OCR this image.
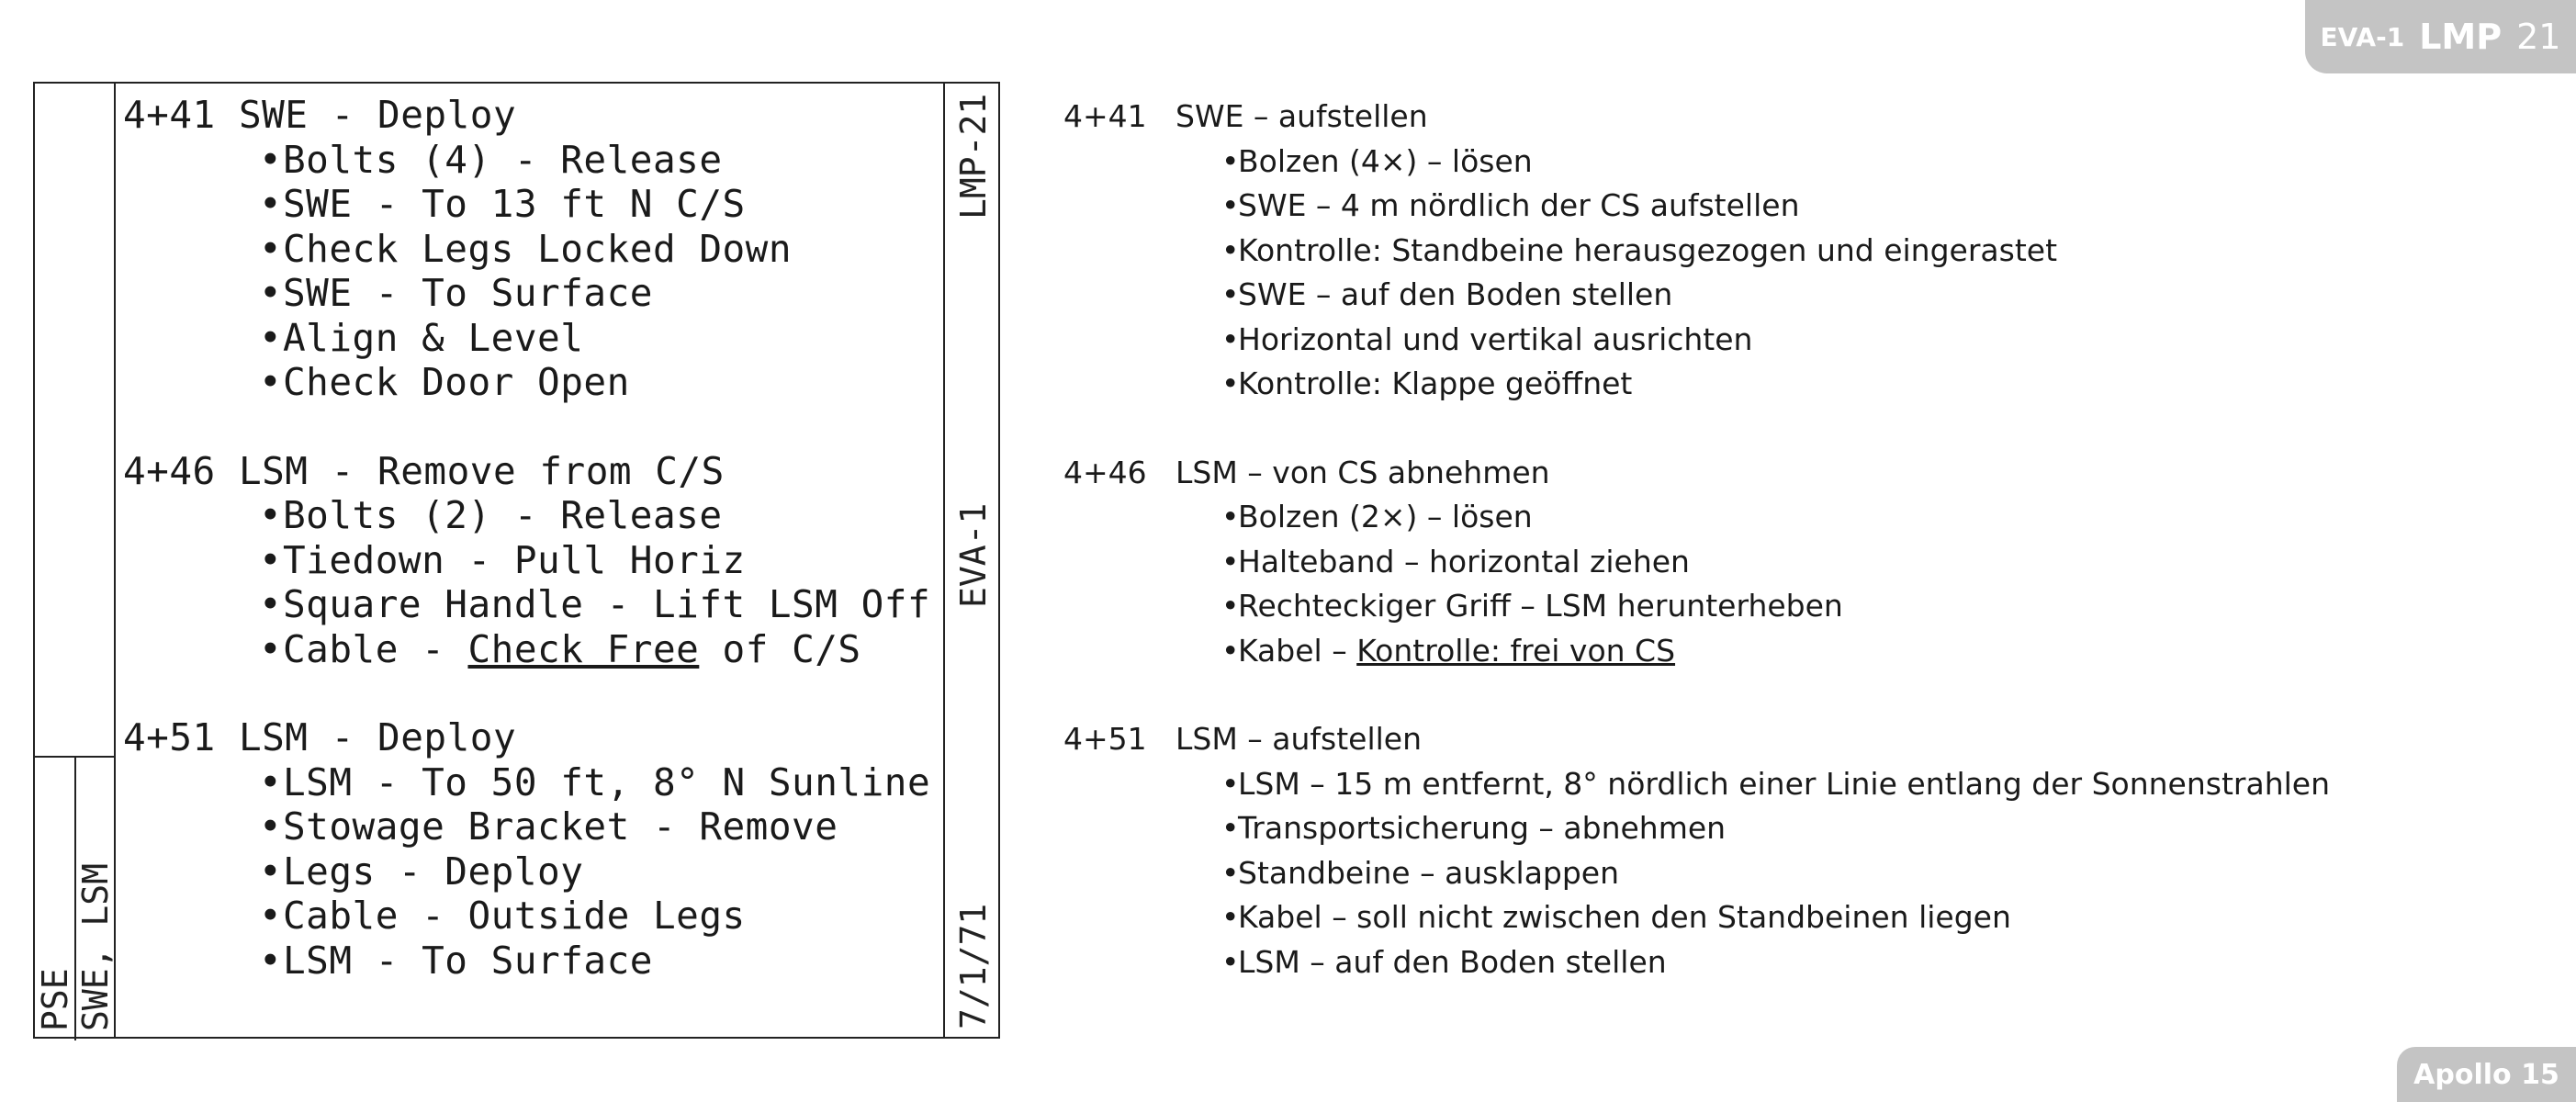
EVA-1 LMP 21
PSE SWE, LSM
LMP-21
EVA-1
7/1/71
4+41 SWE - Deploy
•Bolts (4) - Release
•SWE - To 13 ft N C/S
•Check Legs Locked Down
•SWE - To Surface
•Align & Level
•Check Door Open
4+46 LSM - Remove from C/S
•Bolts (2) - Release
•Tiedown - Pull Horiz
•Square Handle - Lift LSM Off
•Cable - Check Free of C/S
4+51 LSM - Deploy
•LSM - To 50 ft, 8° N Sunline
•Stowage Bracket - Remove
•Legs - Deploy
•Cable - Outside Legs
•LSM - To Surface
4+41 SWE – aufstellen
•Bolzen (4×) – lösen
•SWE – 4 m nördlich der CS aufstellen
•Kontrolle: Standbeine herausgezogen und eingerastet
•SWE – auf den Boden stellen
•Horizontal und vertikal ausrichten
•Kontrolle: Klappe geöffnet
4+46 LSM – von CS abnehmen
•Bolzen (2×) – lösen
•Halteband – horizontal ziehen
•Rechteckiger Griff – LSM herunterheben
•Kabel – Kontrolle: frei von CS
4+51 LSM – aufstellen
•LSM – 15 m entfernt, 8° nördlich einer Linie entlang der Sonnenstrahlen
•Transportsicherung – abnehmen
•Standbeine – ausklappen
•Kabel – soll nicht zwischen den Standbeinen liegen
•LSM – auf den Boden stellen
Apollo 15
